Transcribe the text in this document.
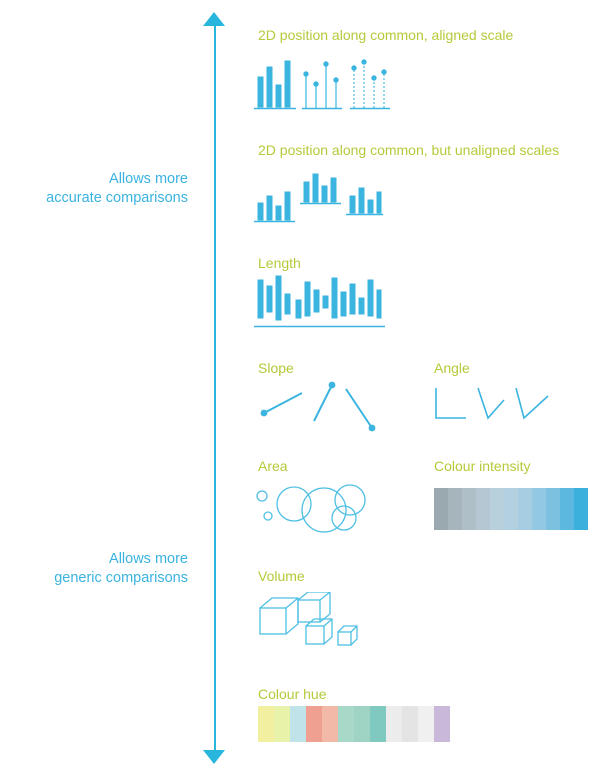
Allows more
accurate comparisons
Allows more
generic comparisons
2D position along common, aligned scale
2D position along common, but unaligned scales
Length
Slope	Angle
Area	Colour intensity
Volume
Colour hue
